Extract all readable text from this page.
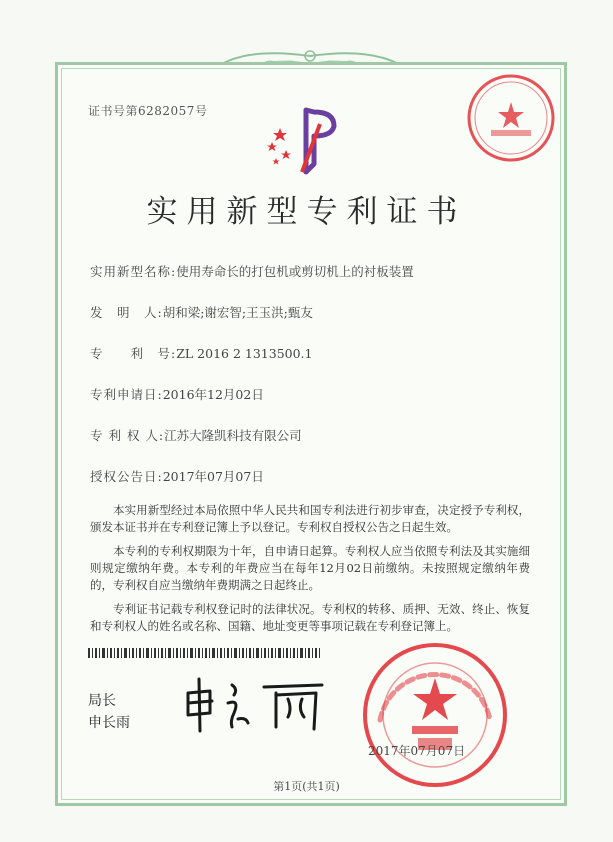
证书号第6282057号
实用新型专利证书
实用新型名称:使用寿命长的打包机或剪切机上的衬板装置
发　明　人:胡和梁;谢宏智;王玉洪;甄友
专　　利　号:ZL 2016 2 1313500.1
专利申请日:2016年12月02日
专 利 权 人:江苏大隆凯科技有限公司
授权公告日:2017年07月07日

本实用新型经过本局依照中华人民共和国专利法进行初步审查，决定授予专利权，颁发本证书并在专利登记簿上予以登记。专利权自授权公告之日起生效。

本专利的专利权期限为十年，自申请日起算。专利权人应当依照专利法及其实施细则规定缴纳年费。本专利的年费应当在每年12月02日前缴纳。未按照规定缴纳年费的，专利权自应当缴纳年费期满之日起终止。

专利证书记载专利权登记时的法律状况。专利权的转移、质押、无效、终止、恢复和专利权人的姓名或名称、国籍、地址变更等事项记载在专利登记簿上。

局长
申长雨
2017年07月07日
第1页(共1页)
